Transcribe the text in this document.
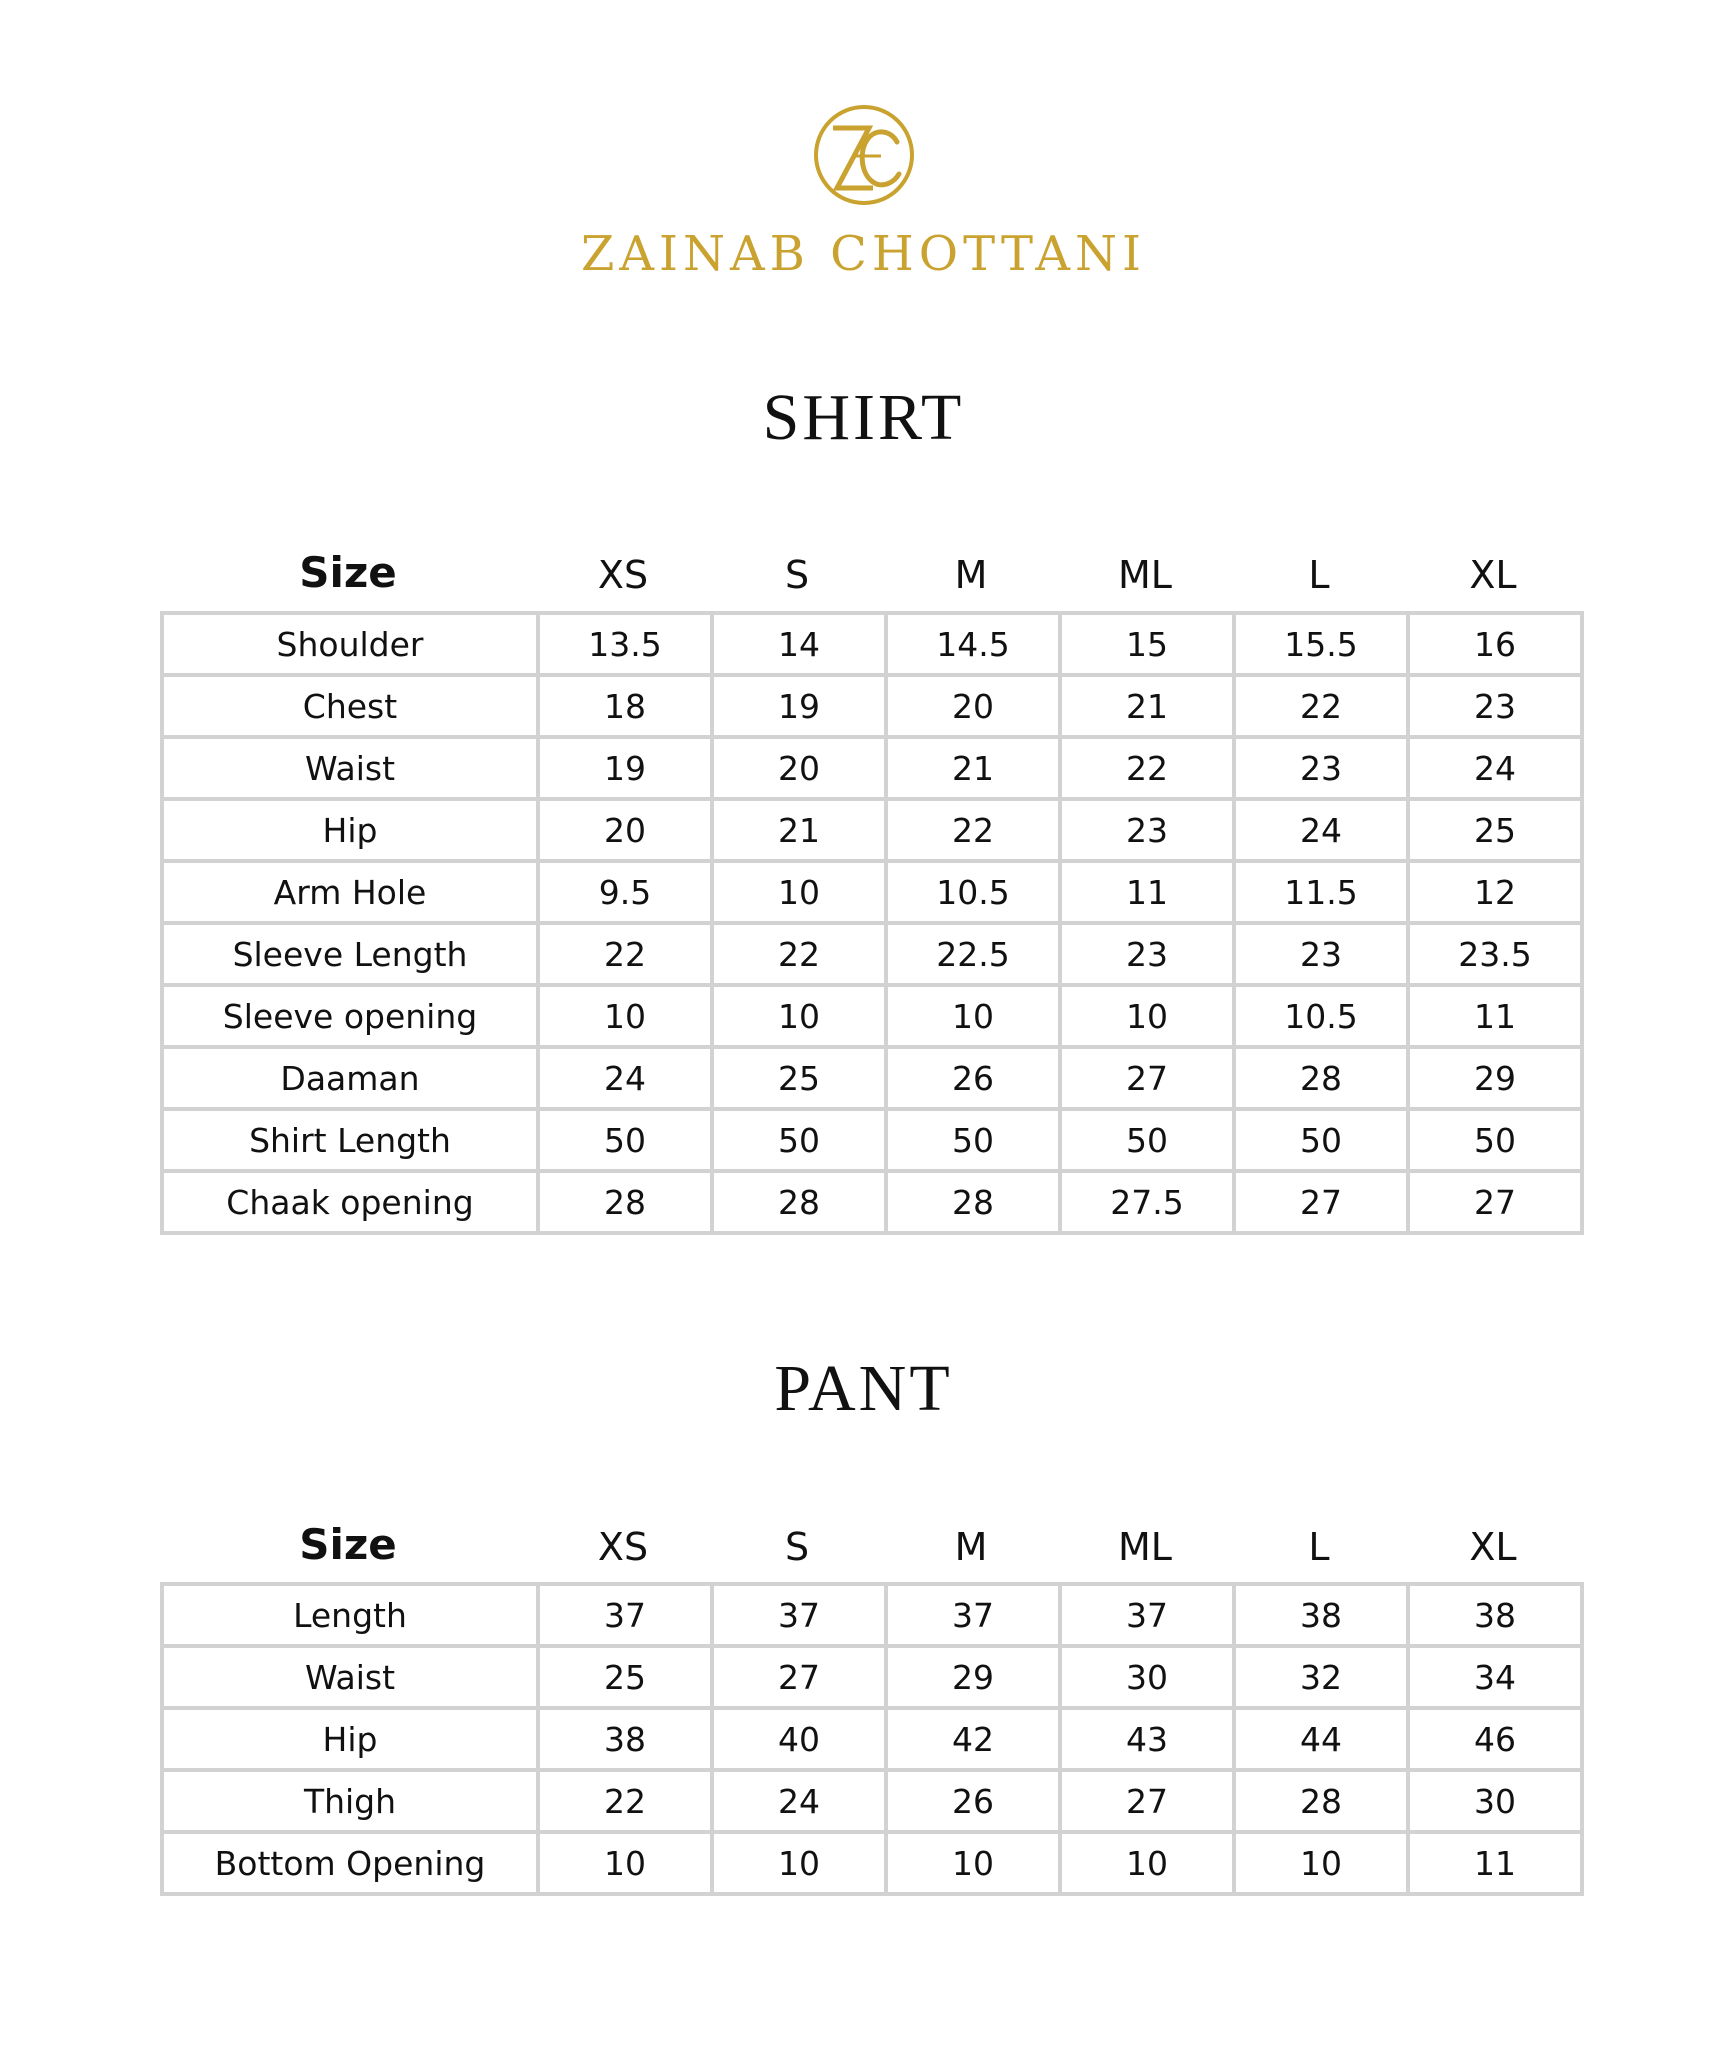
ZAINAB CHOTTANI
SHIRT
Size	XS	S	M	ML	L	XL
Shoulder	13.5	14	14.5	15	15.5	16
Chest	18	19	20	21	22	23
Waist	19	20	21	22	23	24
Hip	20	21	22	23	24	25
Arm Hole	9.5	10	10.5	11	11.5	12
Sleeve Length	22	22	22.5	23	23	23.5
Sleeve opening	10	10	10	10	10.5	11
Daaman	24	25	26	27	28	29
Shirt Length	50	50	50	50	50	50
Chaak opening	28	28	28	27.5	27	27
PANT
Size	XS	S	M	ML	L	XL
Length	37	37	37	37	38	38
Waist	25	27	29	30	32	34
Hip	38	40	42	43	44	46
Thigh	22	24	26	27	28	30
Bottom Opening	10	10	10	10	10	11
